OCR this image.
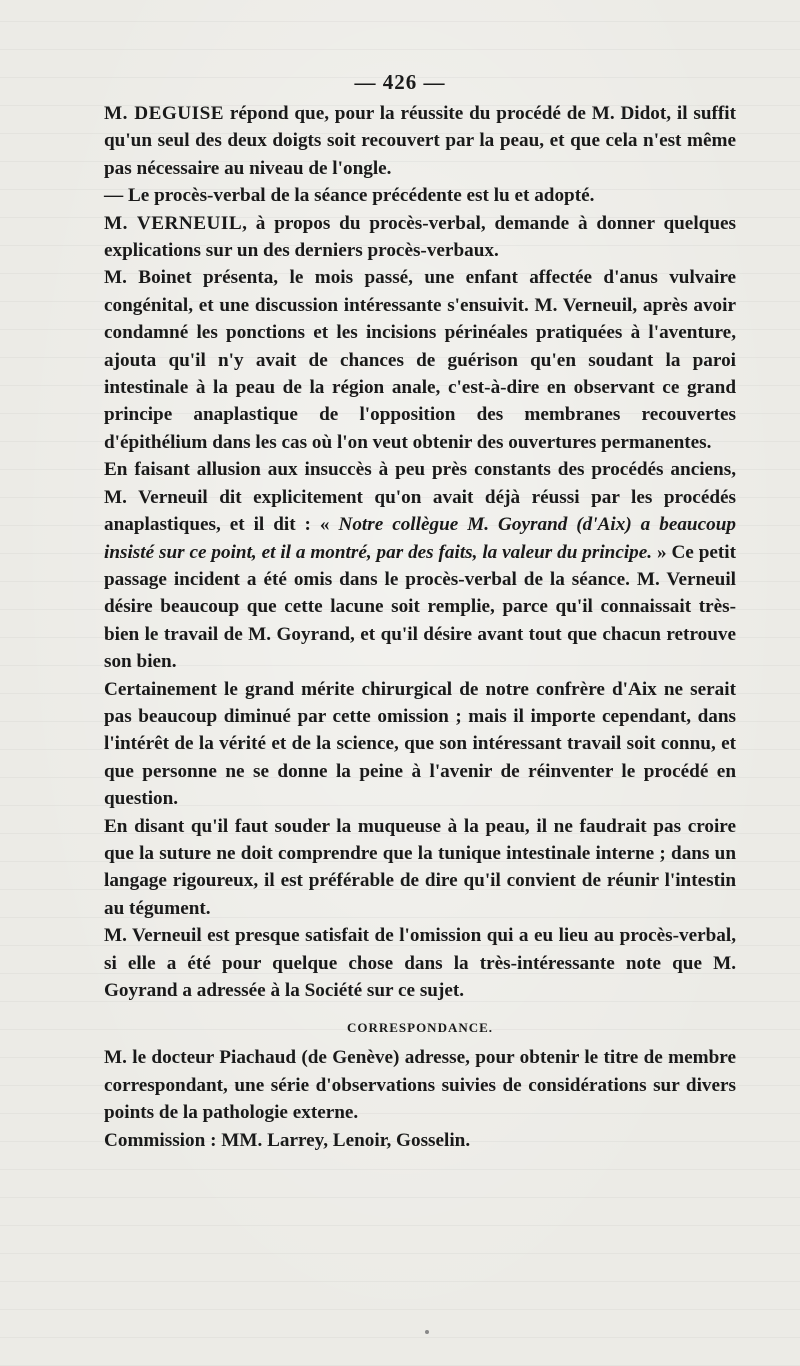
— 426 —

M. DEGUISE répond que, pour la réussite du procédé de M. Didot, il suffit qu'un seul des deux doigts soit recouvert par la peau, et que cela n'est même pas nécessaire au niveau de l'ongle.

— Le procès-verbal de la séance précédente est lu et adopté.

M. VERNEUIL, à propos du procès-verbal, demande à donner quelques explications sur un des derniers procès-verbaux.

M. Boinet présenta, le mois passé, une enfant affectée d'anus vulvaire congénital, et une discussion intéressante s'ensuivit. M. Verneuil, après avoir condamné les ponctions et les incisions périnéales pratiquées à l'aventure, ajouta qu'il n'y avait de chances de guérison qu'en soudant la paroi intestinale à la peau de la région anale, c'est-à-dire en observant ce grand principe anaplastique de l'opposition des membranes recouvertes d'épithélium dans les cas où l'on veut obtenir des ouvertures permanentes.

En faisant allusion aux insuccès à peu près constants des procédés anciens, M. Verneuil dit explicitement qu'on avait déjà réussi par les procédés anaplastiques, et il dit : « Notre collègue M. Goyrand (d'Aix) a beaucoup insisté sur ce point, et il a montré, par des faits, la valeur du principe. » Ce petit passage incident a été omis dans le procès-verbal de la séance. M. Verneuil désire beaucoup que cette lacune soit remplie, parce qu'il connaissait très-bien le travail de M. Goyrand, et qu'il désire avant tout que chacun retrouve son bien.

Certainement le grand mérite chirurgical de notre confrère d'Aix ne serait pas beaucoup diminué par cette omission ; mais il importe cependant, dans l'intérêt de la vérité et de la science, que son intéressant travail soit connu, et que personne ne se donne la peine à l'avenir de réinventer le procédé en question.

En disant qu'il faut souder la muqueuse à la peau, il ne faudrait pas croire que la suture ne doit comprendre que la tunique intestinale interne ; dans un langage rigoureux, il est préférable de dire qu'il convient de réunir l'intestin au tégument.

M. Verneuil est presque satisfait de l'omission qui a eu lieu au procès-verbal, si elle a été pour quelque chose dans la très-intéressante note que M. Goyrand a adressée à la Société sur ce sujet.

CORRESPONDANCE.

M. le docteur Piachaud (de Genève) adresse, pour obtenir le titre de membre correspondant, une série d'observations suivies de considérations sur divers points de la pathologie externe.

Commission : MM. Larrey, Lenoir, Gosselin.
